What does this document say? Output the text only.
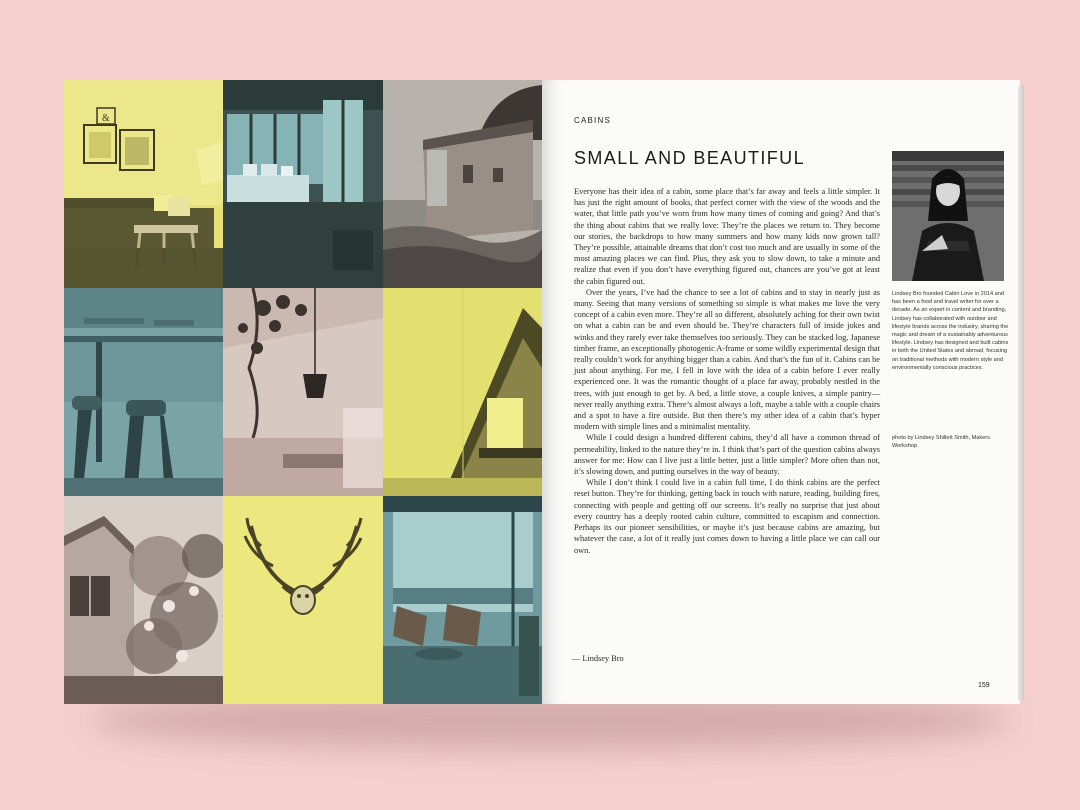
&	CABINS
SMALL AND BEAUTIFUL

Everyone has their idea of a cabin, some place that’s far away and feels a little simpler. It has just the right amount of books, that perfect corner with the view of the woods and the water, that little path you’ve worn from how many times of coming and going? And that’s the thing about cabins that we really love: They’re the places we return to. They become our stories, the backdrops to how many summers and how many kids now grown tall? They’re possible, attainable dreams that don’t cost too much and are usually in some of the most amazing places we can find. Plus, they ask you to slow down, to take a minute and realize that even if you don’t have everything figured out, chances are you’ve got at least the cabin figured out.

Over the years, I’ve had the chance to see a lot of cabins and to stay in nearly just as many. Seeing that many versions of something so simple is what makes me love the very concept of a cabin even more. They’re all so different, absolutely aching for their own twist on what a cabin can be and even should be. They’re characters full of inside jokes and winks and they rarely ever take themselves too seriously. They can be stacked log, Japanese timber frame, an exceptionally photogenic A-frame or some wildly experimental design that really couldn’t work for anything bigger than a cabin. And that’s the fun of it. Cabins can be just about anything. For me, I fell in love with the idea of a cabin before I ever really experienced one. It was the romantic thought of a place far away, probably nestled in the trees, with just enough to get by. A bed, a little stove, a couple knives, a simple pantry—never really anything extra. There’s almost always a loft, maybe a table with a couple chairs and a spot to have a fire outside. But then there’s my other idea of a cabin that’s hyper modern with simple lines and a minimalist mentality.

While I could design a hundred different cabins, they’d all have a common thread of permeability, linked to the nature they’re in. I think that’s part of the question cabins always answer for me: How can I live just a little better, just a little simpler? More often than not, it’s slowing down, and putting ourselves in the way of beauty.

While I don’t think I could live in a cabin full time, I do think cabins are the perfect reset button. They’re for thinking, getting back in touch with nature, reading, building fires, connecting with people and getting off our screens. It’s really no surprise that just about every country has a deeply rooted cabin culture, committed to escapism and connection. Perhaps its our pioneer sensibilities, or maybe it’s just because cabins are amazing, but whatever the case, a lot of it really just comes down to having a little place we can call our own.

— Lindsey Bro
Lindsey Bro founded Cabin Love in 2014 and has been a food and travel writer for over a decade. As an expert in content and branding, Lindsey has collaborated with outdoor and lifestyle brands across the industry, sharing the magic and dream of a sustainably adventurous lifestyle. Lindsey has designed and built cabins in both the United States and abroad, focusing on traditional methods with modern style and environmentally conscious practices.
photo by Lindsey Shillett Smith, Makers Workshop
159
